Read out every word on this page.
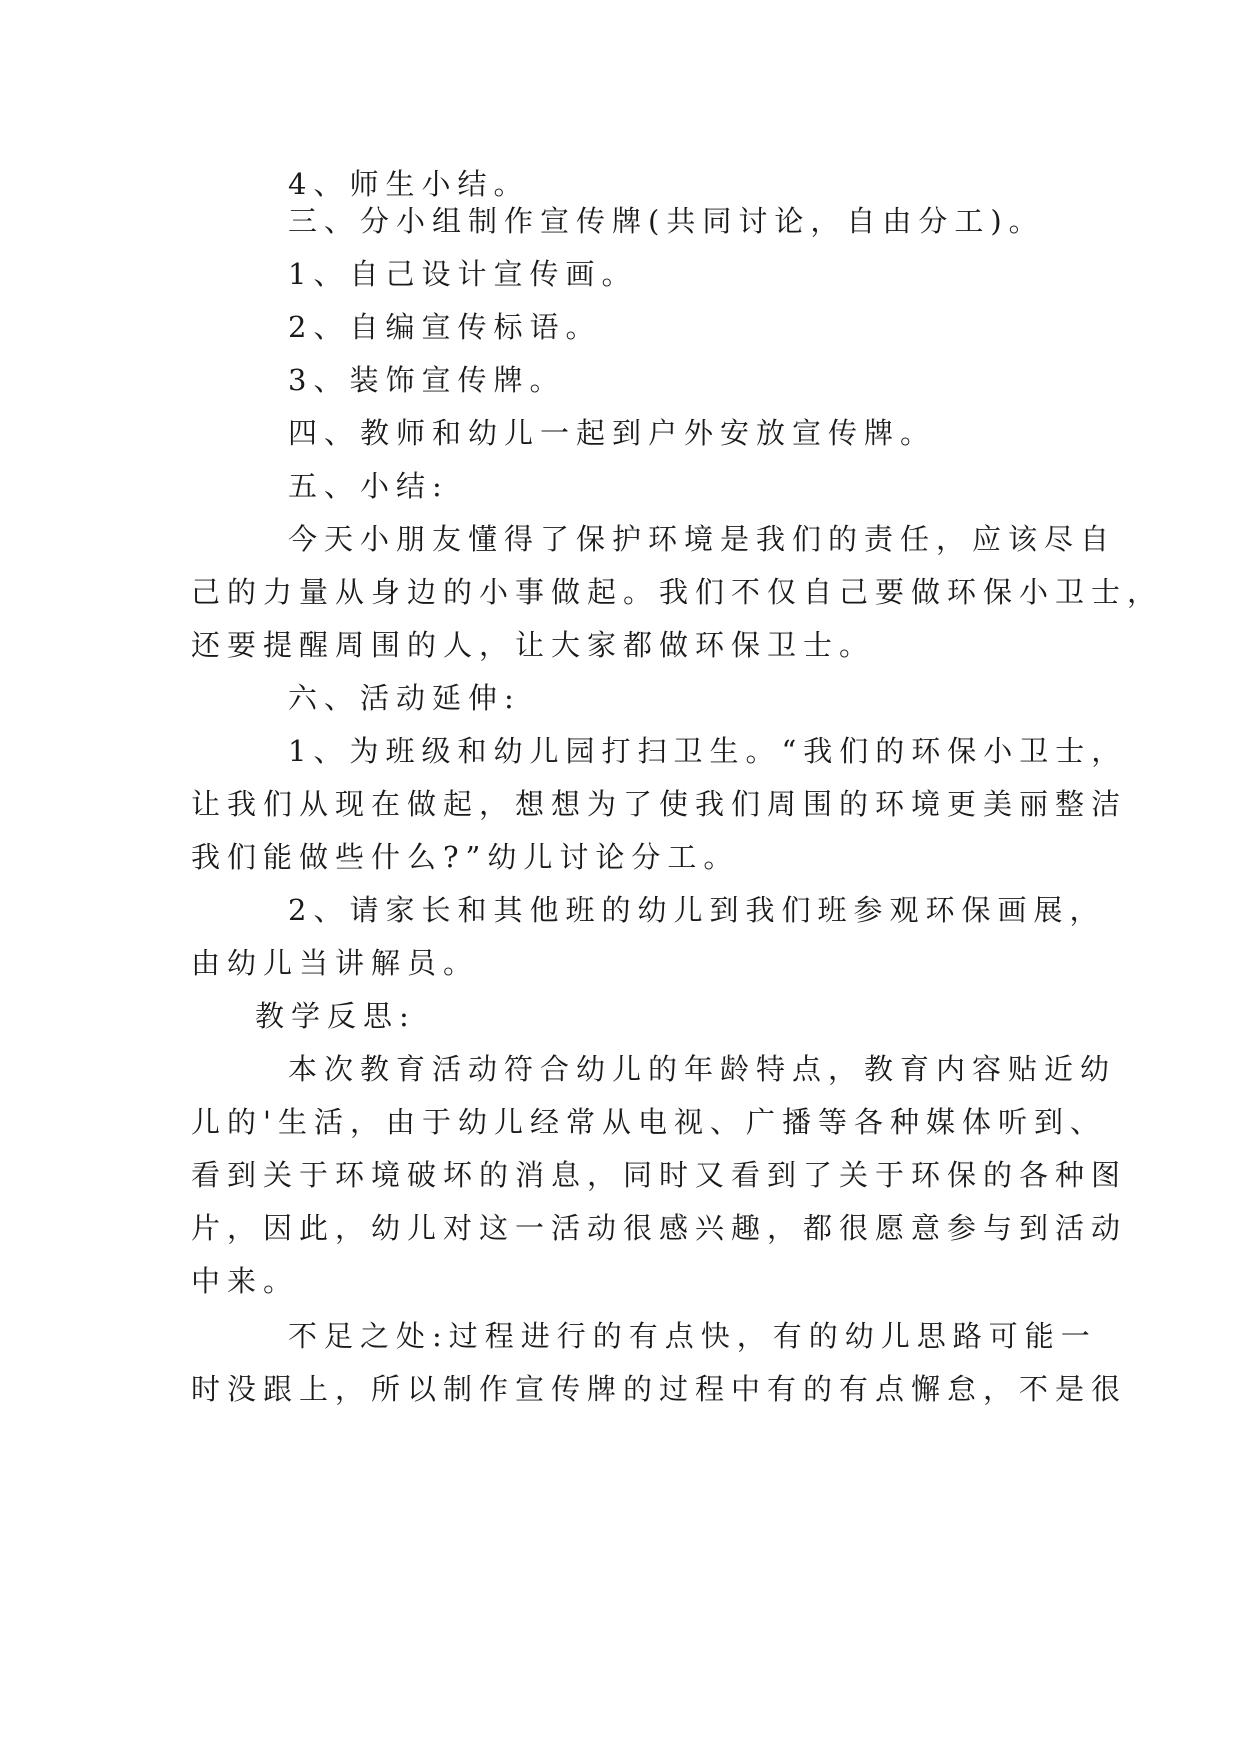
4、师生小结。
三、分小组制作宣传牌(共同讨论，自由分工)。
1、自己设计宣传画。
2、自编宣传标语。
3、装饰宣传牌。
四、教师和幼儿一起到户外安放宣传牌。
五、小结:
今天小朋友懂得了保护环境是我们的责任，应该尽自
己的力量从身边的小事做起。我们不仅自己要做环保小卫士，
还要提醒周围的人，让大家都做环保卫士。
六、活动延伸:
1、为班级和幼儿园打扫卫生。“我们的环保小卫士，
让我们从现在做起，想想为了使我们周围的环境更美丽整洁
我们能做些什么?”幼儿讨论分工。
2、请家长和其他班的幼儿到我们班参观环保画展，
由幼儿当讲解员。
教学反思:
本次教育活动符合幼儿的年龄特点，教育内容贴近幼
儿的'生活，由于幼儿经常从电视、广播等各种媒体听到、
看到关于环境破坏的消息，同时又看到了关于环保的各种图
片，因此，幼儿对这一活动很感兴趣，都很愿意参与到活动
中来。
不足之处:过程进行的有点快，有的幼儿思路可能一
时没跟上，所以制作宣传牌的过程中有的有点懈怠，不是很
